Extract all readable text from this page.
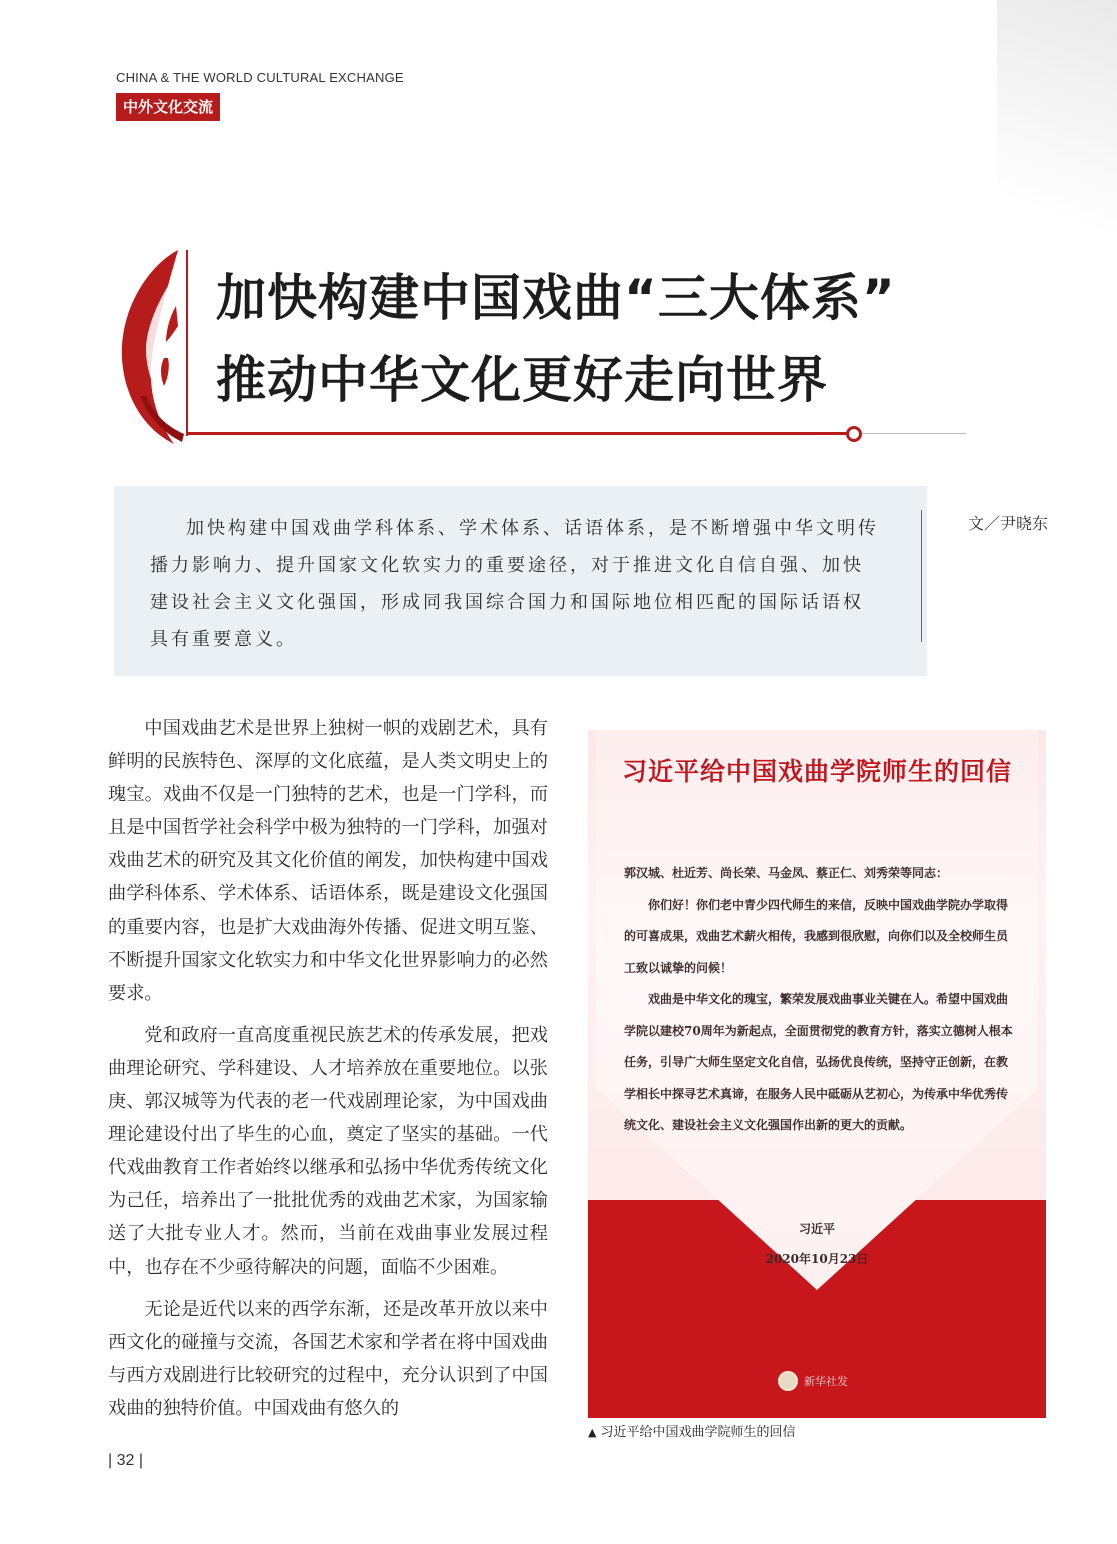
CHINA & THE WORLD CULTURAL EXCHANGE
中外文化交流
加快构建中国戏曲“三大体系”
推动中华文化更好走向世界
加快构建中国戏曲学科体系、学术体系、话语体系，是不断增强中华文明传播力影响力、提升国家文化软实力的重要途径，对于推进文化自信自强、加快建设社会主义文化强国，形成同我国综合国力和国际地位相匹配的国际话语权具有重要意义。
文／尹晓东

中国戏曲艺术是世界上独树一帜的戏剧艺术，具有鲜明的民族特色、深厚的文化底蕴，是人类文明史上的瑰宝。戏曲不仅是一门独特的艺术，也是一门学科，而且是中国哲学社会科学中极为独特的一门学科，加强对戏曲艺术的研究及其文化价值的阐发，加快构建中国戏曲学科体系、学术体系、话语体系，既是建设文化强国的重要内容，也是扩大戏曲海外传播、促进文明互鉴、不断提升国家文化软实力和中华文化世界影响力的必然要求。

党和政府一直高度重视民族艺术的传承发展，把戏曲理论研究、学科建设、人才培养放在重要地位。以张庚、郭汉城等为代表的老一代戏剧理论家，为中国戏曲理论建设付出了毕生的心血，奠定了坚实的基础。一代代戏曲教育工作者始终以继承和弘扬中华优秀传统文化为己任，培养出了一批批优秀的戏曲艺术家，为国家输送了大批专业人才。然而，当前在戏曲事业发展过程中，也存在不少亟待解决的问题，面临不少困难。

无论是近代以来的西学东渐，还是改革开放以来中西文化的碰撞与交流，各国艺术家和学者在将中国戏曲与西方戏剧进行比较研究的过程中，充分认识到了中国戏曲的独特价值。中国戏曲有悠久的

习近平给中国戏曲学院师生的回信

郭汉城、杜近芳、尚长荣、马金凤、蔡正仁、刘秀荣等同志：

你们好！你们老中青少四代师生的来信，反映中国戏曲学院办学取得的可喜成果，戏曲艺术薪火相传，我感到很欣慰，向你们以及全校师生员工致以诚挚的问候！

戏曲是中华文化的瑰宝，繁荣发展戏曲事业关键在人。希望中国戏曲学院以建校70周年为新起点，全面贯彻党的教育方针，落实立德树人根本任务，引导广大师生坚定文化自信，弘扬优良传统，坚持守正创新，在教学相长中探寻艺术真谛，在服务人民中砥砺从艺初心，为传承中华优秀传统文化、建设社会主义文化强国作出新的更大的贡献。

习近平
2020年10月23日
新华社发
▲ 习近平给中国戏曲学院师生的回信
| 32 |
